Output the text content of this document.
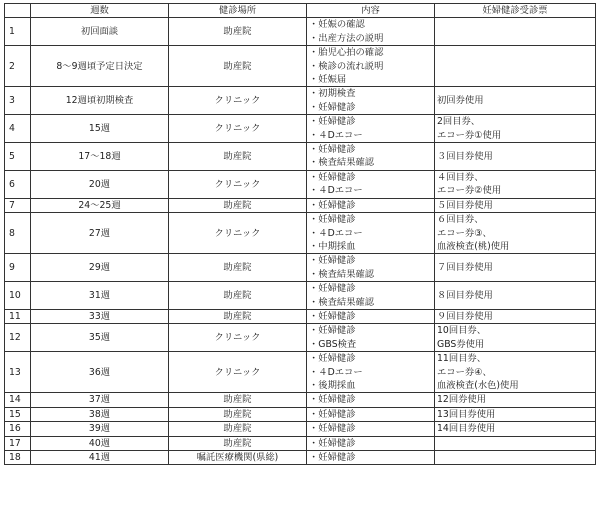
	週数	健診場所	内容	妊婦健診受診票
1	初回面談	助産院	・妊娠の確認
・出産方法の説明	

2	8～9週頃予定日決定	助産院	・胎児心拍の確認
・検診の流れ説明
・妊娠届	

3	12週頃初期検査	クリニック	・初期検査
・妊婦健診	初回券使用

4	15週	クリニック	・妊婦健診
・４Dエコー	2回目券、
エコー券①使用

5	17～18週	助産院	・妊婦健診
・検査結果確認	３回目券使用

6	20週	クリニック	・妊婦健診
・４Dエコー	４回目券、
エコー券②使用

7	24～25週	助産院	・妊婦健診	５回目券使用

8	27週	クリニック	・妊婦健診
・４Dエコー
・中期採血	６回目券、
エコー券③、
血液検査(桃)使用

9	29週	助産院	・妊婦健診
・検査結果確認	７回目券使用

10	31週	助産院	・妊婦健診
・検査結果確認	８回目券使用

11	33週	助産院	・妊婦健診	９回目券使用

12	35週	クリニック	・妊婦健診
・GBS検査	10回目券、
GBS券使用

13	36週	クリニック	・妊婦健診
・４Dエコー
・後期採血	11回目券、
エコー券④、
血液検査(水色)使用

14	37週	助産院	・妊婦健診	12回券使用

15	38週	助産院	・妊婦健診	13回目券使用

16	39週	助産院	・妊婦健診	14回目券使用

17	40週	助産院	・妊婦健診	

18	41週	嘱託医療機関(県総)	・妊婦健診	
